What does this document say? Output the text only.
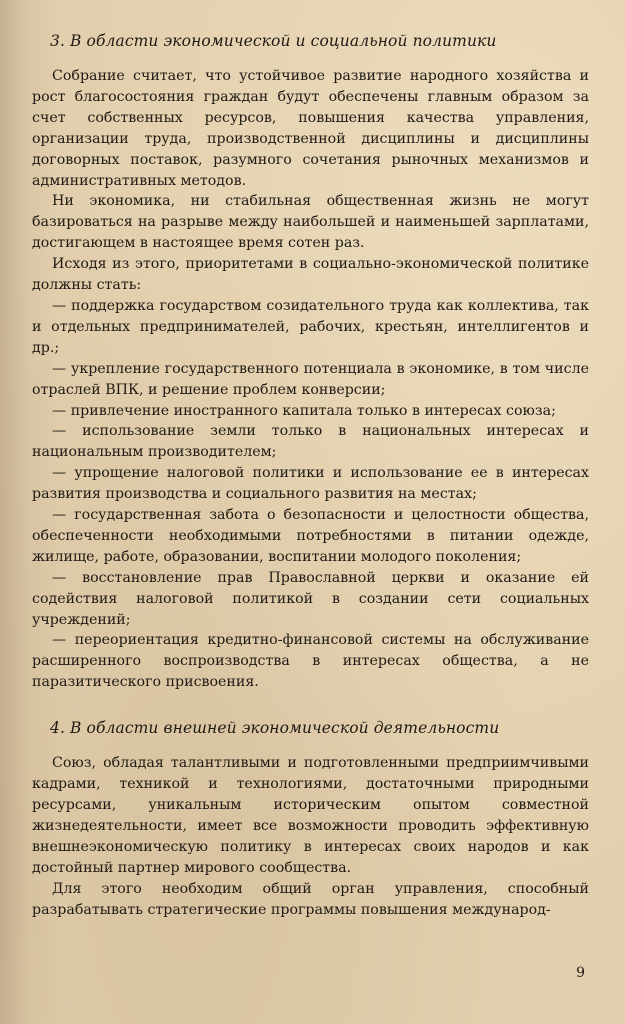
3. В области экономической и социальной политики

Собрание считает, что устойчивое развитие народного хозяйства и рост благосостояния граждан будут обеспечены главным образом за счет собственных ресурсов, повышения качества управления, организации труда, производственной дисциплины и дисциплины договорных поставок, разумного сочетания рыночных механизмов и административных методов.

Ни экономика, ни стабильная общественная жизнь не могут базироваться на разрыве между наибольшей и наименьшей зарплатами, достигающем в настоящее время сотен раз.

Исходя из этого, приоритетами в социально-экономической политике должны стать:

— поддержка государством созидательного труда как коллектива, так и отдельных предпринимателей, рабочих, крестьян, интеллигентов и др.;

— укрепление государственного потенциала в экономике, в том числе отраслей ВПК, и решение проблем конверсии;

— привлечение иностранного капитала только в интересах союза;

— использование земли только в национальных интересах и национальным производителем;

— упрощение налоговой политики и использование ее в интересах развития производства и социального развития на местах;

— государственная забота о безопасности и целостности общества, обеспеченности необходимыми потребностями в питании одежде, жилище, работе, образовании, воспитании молодого поколения;

— восстановление прав Православной церкви и оказание ей содействия налоговой политикой в создании сети социальных учреждений;

— переориентация кредитно-финансовой системы на обслуживание расширенного воспроизводства в интересах общества, а не паразитического присвоения.

4. В области внешней экономической деятельности

Союз, обладая талантливыми и подготовленными предприимчивыми кадрами, техникой и технологиями, достаточными природными ресурсами, уникальным историческим опытом совместной жизнедеятельности, имеет все возможности проводить эффективную внешнеэкономическую политику в интересах своих народов и как достойный партнер мирового сообщества.

Для этого необходим общий орган управления, способный разрабатывать стратегические программы повышения международ-

9
